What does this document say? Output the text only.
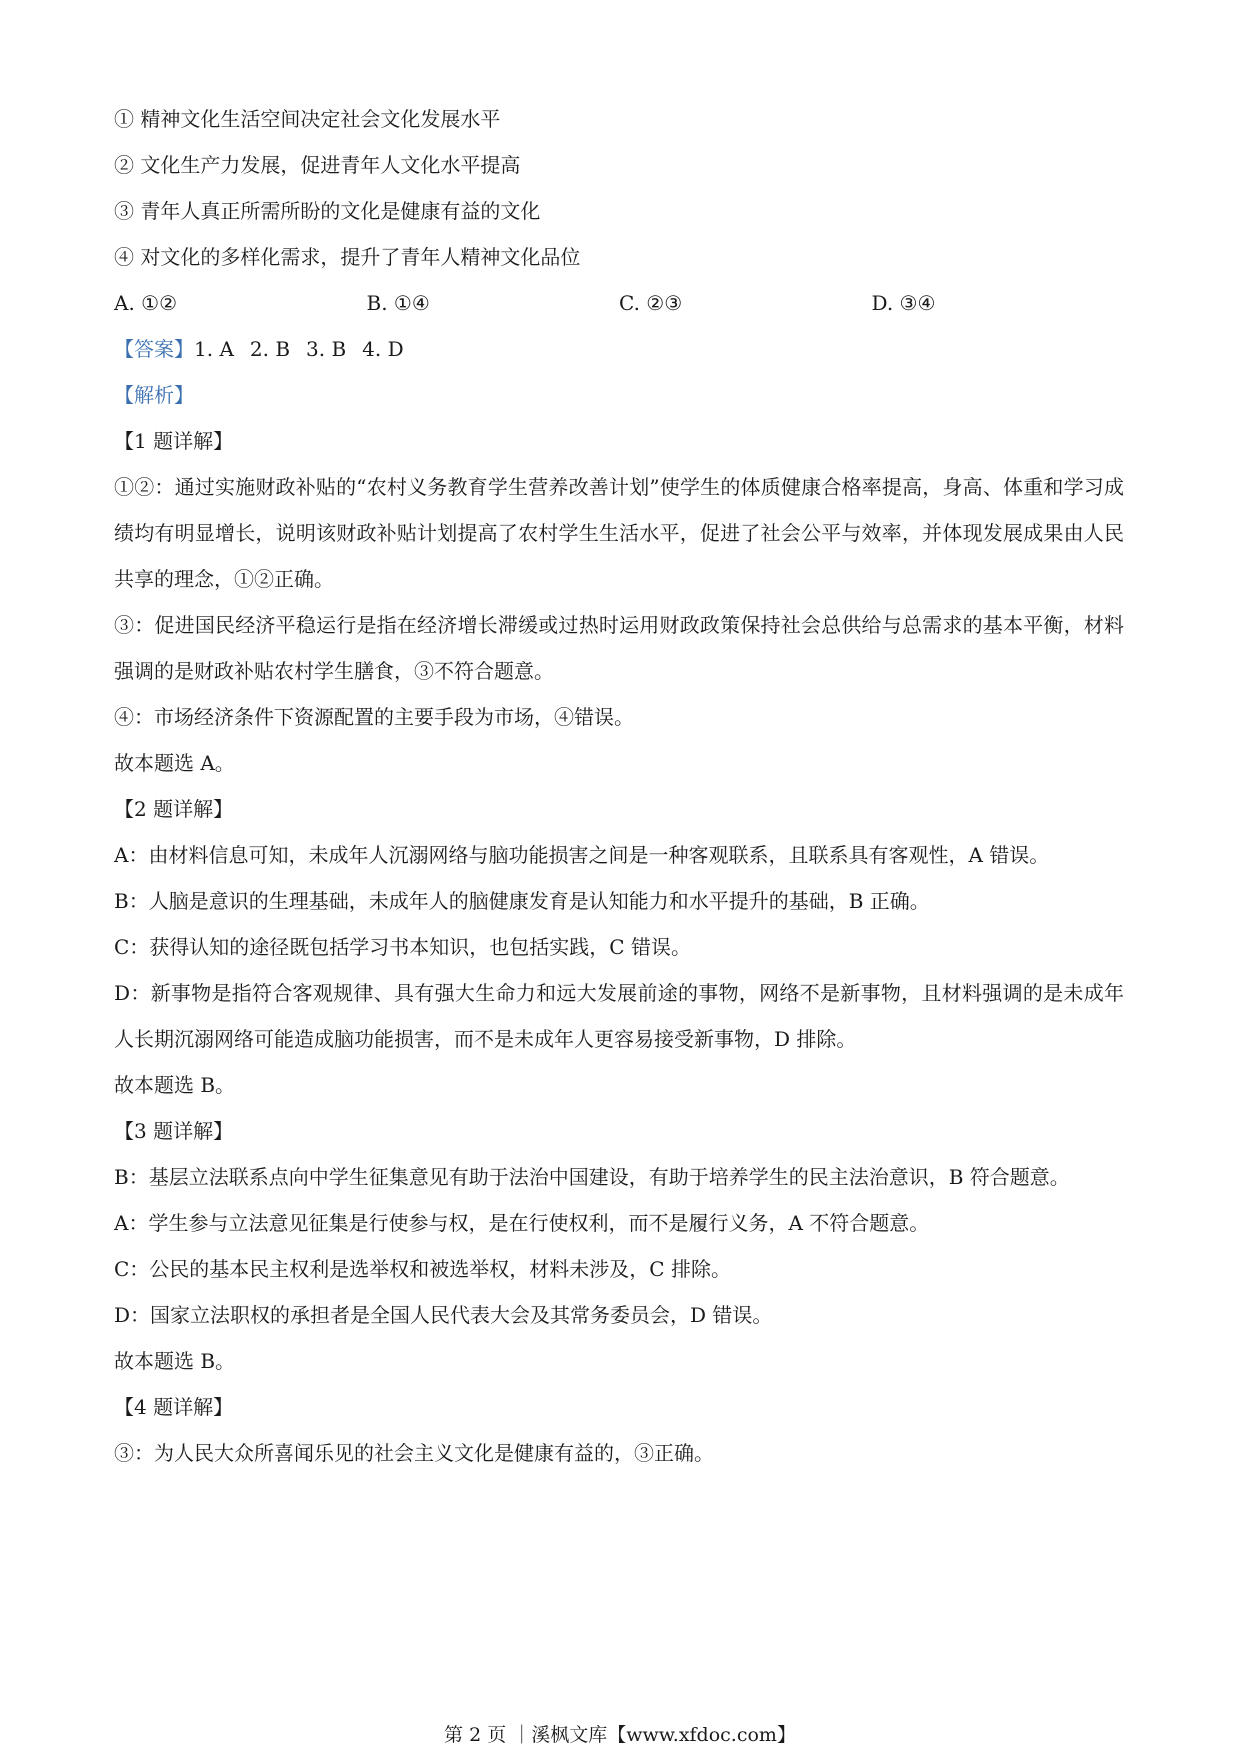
① 精神文化生活空间决定社会文化发展水平
② 文化生产力发展，促进青年人文化水平提高
③ 青年人真正所需所盼的文化是健康有益的文化
④ 对文化的多样化需求，提升了青年人精神文化品位
A. ①②	B. ①④	C. ②③	D. ③④
【答案】1. A 2. B 3. B 4. D
【解析】
【1 题详解】
①②：通过实施财政补贴的“农村义务教育学生营养改善计划”使学生的体质健康合格率提高，身高、体重和学习成绩均有明显增长，说明该财政补贴计划提高了农村学生生活水平，促进了社会公平与效率，并体现发展成果由人民共享的理念，①②正确。
③：促进国民经济平稳运行是指在经济增长滞缓或过热时运用财政政策保持社会总供给与总需求的基本平衡，材料强调的是财政补贴农村学生膳食，③不符合题意。
④：市场经济条件下资源配置的主要手段为市场，④错误。
故本题选 A。
【2 题详解】
A：由材料信息可知，未成年人沉溺网络与脑功能损害之间是一种客观联系，且联系具有客观性，A 错误。
B：人脑是意识的生理基础，未成年人的脑健康发育是认知能力和水平提升的基础，B 正确。
C：获得认知的途径既包括学习书本知识，也包括实践，C 错误。
D：新事物是指符合客观规律、具有强大生命力和远大发展前途的事物，网络不是新事物，且材料强调的是未成年人长期沉溺网络可能造成脑功能损害，而不是未成年人更容易接受新事物，D 排除。
故本题选 B。
【3 题详解】
B：基层立法联系点向中学生征集意见有助于法治中国建设，有助于培养学生的民主法治意识，B 符合题意。
A：学生参与立法意见征集是行使参与权，是在行使权利，而不是履行义务，A 不符合题意。
C：公民的基本民主权利是选举权和被选举权，材料未涉及，C 排除。
D：国家立法职权的承担者是全国人民代表大会及其常务委员会，D 错误。
故本题选 B。
【4 题详解】
③：为人民大众所喜闻乐见的社会主义文化是健康有益的，③正确。
第 2 页 ｜溪枫文库【www.xfdoc.com】
